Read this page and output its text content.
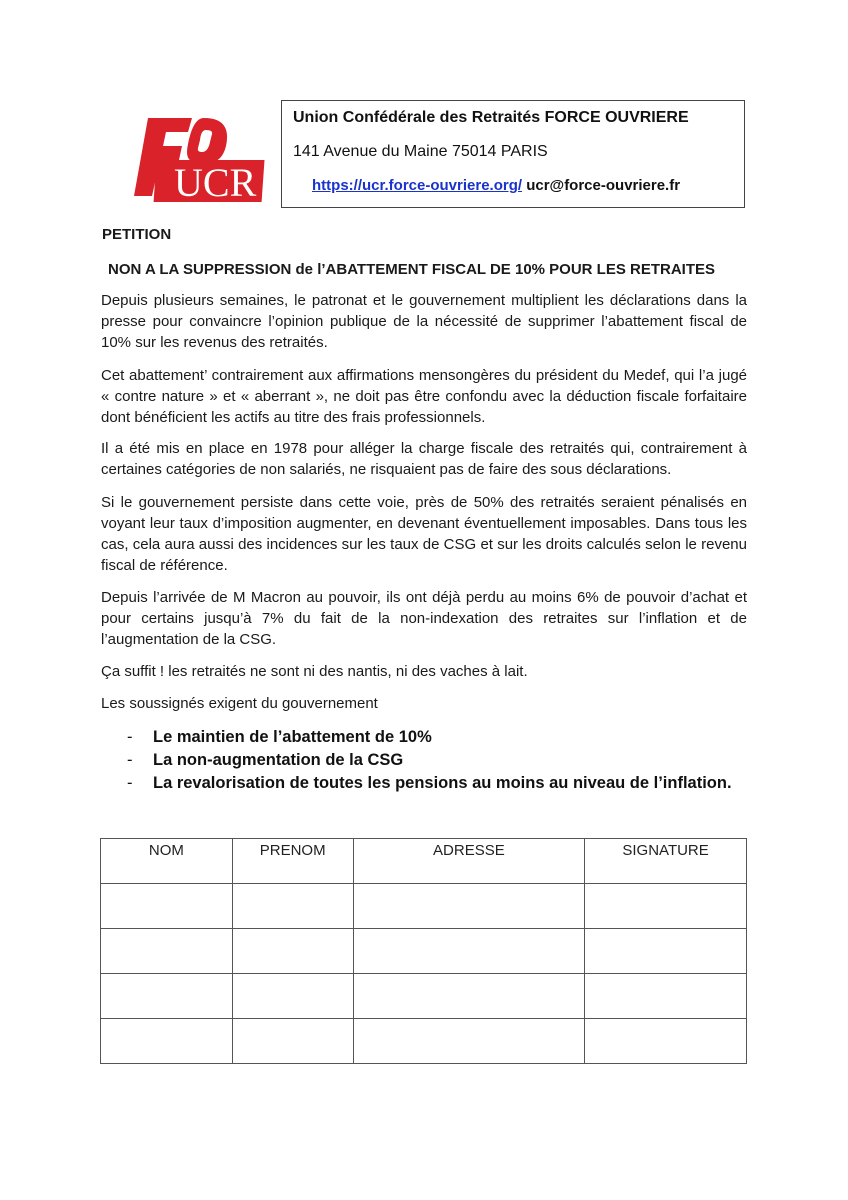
UCR
Union Confédérale des Retraités FORCE OUVRIERE
141 Avenue du Maine 75014 PARIS
https://ucr.force-ouvriere.org/ ucr@force-ouvriere.fr
PETITION
NON A LA SUPPRESSION de l’ABATTEMENT FISCAL DE 10% POUR LES RETRAITES
Depuis plusieurs semaines, le patronat et le gouvernement multiplient les déclarations dans la presse pour convaincre l’opinion publique de la nécessité de supprimer l’abattement fiscal de 10% sur les revenus des retraités.
Cet abattement’ contrairement aux affirmations mensongères du président du Medef, qui l’a jugé « contre nature » et « aberrant », ne doit pas être confondu avec la déduction fiscale forfaitaire dont bénéficient les actifs au titre des frais professionnels.
Il a été mis en place en 1978 pour alléger la charge fiscale des retraités qui, contrairement à certaines catégories de non salariés, ne risquaient pas de faire des sous déclarations.
Si le gouvernement persiste dans cette voie, près de 50% des retraités seraient pénalisés en voyant leur taux d’imposition augmenter, en devenant éventuellement imposables. Dans tous les cas, cela aura aussi des incidences sur les taux de CSG et sur les droits calculés selon le revenu fiscal de référence.
Depuis l’arrivée de M Macron au pouvoir, ils ont déjà perdu au moins 6% de pouvoir d’achat et pour certains jusqu’à 7% du fait de la non-indexation des retraites sur l’inflation et de l’augmentation de la CSG.
Ça suffit ! les retraités ne sont ni des nantis, ni des vaches à lait.
Les soussignés exigent du gouvernement
- Le maintien de l’abattement de 10%
- La non-augmentation de la CSG
- La revalorisation de toutes les pensions au moins au niveau de l’inflation.
NOM	PRENOM	ADRESSE	SIGNATURE
